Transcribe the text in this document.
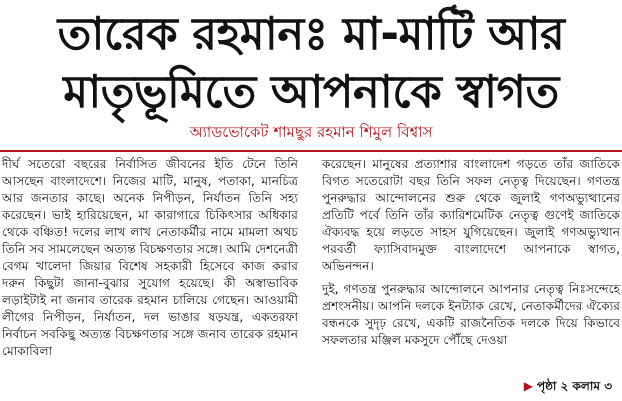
তারেক রহমানঃ মা-মাটি আর
মাতৃভূমিতে আপনাকে স্বাগত
অ্যাডভোকেট শামছুর রহমান শিমুল বিশ্বাস

দীর্ঘ সতেরো বছরের নির্বাসিত জীবনের ইতি টেনে তিনি আসছেন বাংলাদেশে। নিজের মাটি, মানুষ, পতাকা, মানচিত্র আর জনতার কাছে। অনেক নিপীড়ন, নির্যাতন তিনি সহ্য করেছেন। ভাই হারিয়েছেন, মা কারাগারে চিকিৎসার অধিকার থেকে বঞ্চিত! দলের লাখ লাখ নেতাকর্মীর নামে মামলা অথচ তিনি সব সামলেছেন অত্যন্ত বিচক্ষণতার সঙ্গে। আমি দেশনেত্রী বেগম খালেদা জিয়ার বিশেষ সহকারী হিসেবে কাজ করার দরুন কিছুটা জানা-বুঝার সুযোগ হয়েছে। কী অস্বাভাবিক লড়াইটাই না জনাব তারেক রহমান চালিয়ে গেছেন। আওয়ামী লীগের নিপীড়ন, নির্যাতন, দল ভাঙার ষড়যন্ত্র, একতরফা নির্বাচন সবকিছু অত্যন্ত বিচক্ষণতার সঙ্গে জনাব তারেক রহমান মোকাবিলা

করেছেন। মানুষের প্রত্যাশার বাংলাদেশ গড়তে তাঁর জাতিকে বিগত সতেরোটা বছর তিনি সফল নেতৃত্ব দিয়েছেন। গণতন্ত্র পুনরুদ্ধার আন্দোলনের শুরু থেকে জুলাই গণঅভ্যুত্থানের প্রতিটি পর্বে তিনি তাঁর ক্যারিশমেটিক নেতৃত্ব গুণেই জাতিকে ঐক্যবদ্ধ হয়ে লড়তে সাহস যুগিয়েছেন। জুলাই গণঅভ্যুত্থান পরবর্তী ফ্যাসিবাদমুক্ত বাংলাদেশে আপনাকে স্বাগত, অভিনন্দন।

দুই, গণতন্ত্র পুনরুদ্ধার আন্দোলনে আপনার নেতৃত্ব নিঃসন্দেহে প্রশংসনীয়। আপনি দলকে ইনট্যাক রেখে, নেতাকর্মীদের ঐক্যের বন্ধনকে সুদৃঢ় রেখে, একটি রাজনৈতিক দলকে দিয়ে কিভাবে সফলতার মঞ্জিল মকসুদে পৌঁছে দেওয়া

▶ পৃষ্ঠা ২ কলাম ৩
